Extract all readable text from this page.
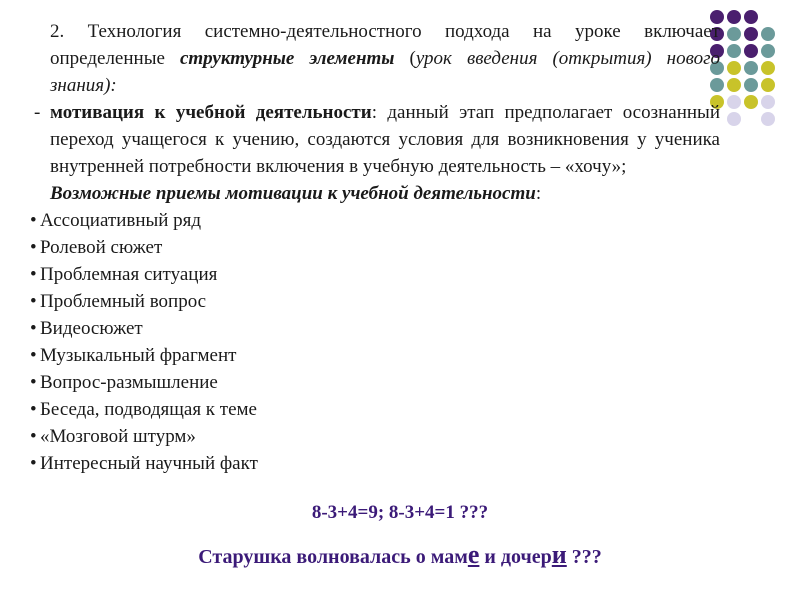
2. Технология системно-деятельностного подхода на уроке включает определенные структурные элементы (урок введения (открытия) нового знания):

- мотивация к учебной деятельности: данный этап предполагает осознанный переход учащегося к учению, создаются условия для возникновения у ученика внутренней потребности включения в учебную деятельность – «хочу»;

Возможные приемы мотивации к учебной деятельности:

• Ассоциативный ряд
• Ролевой сюжет
• Проблемная ситуация
• Проблемный вопрос
• Видеосюжет
• Музыкальный фрагмент
• Вопрос-размышление
• Беседа, подводящая к теме
• «Мозговой штурм»
• Интересный научный факт
8-3+4=9; 8-3+4=1 ???
Старушка волновалась о маме и дочери ???
